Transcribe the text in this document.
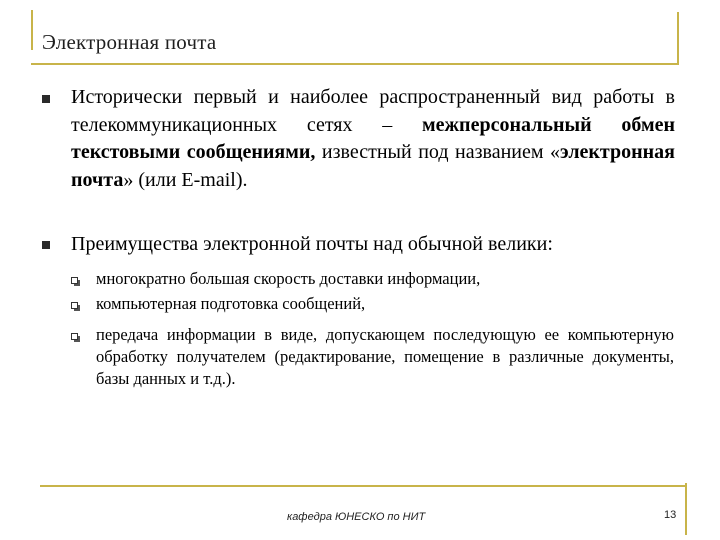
Электронная почта
Исторически первый и наиболее распространенный вид работы в телекоммуникационных сетях – межперсональный обмен текстовыми сообщениями, известный под названием «электронная почта» (или E-mail).
Преимущества электронной почты над обычной велики:
многократно большая скорость доставки информации,
компьютерная подготовка сообщений,
передача информации в виде, допускающем последующую ее компьютерную обработку получателем (редактирование, помещение в различные документы, базы данных и т.д.).
кафедра ЮНЕСКО по НИТ	13
